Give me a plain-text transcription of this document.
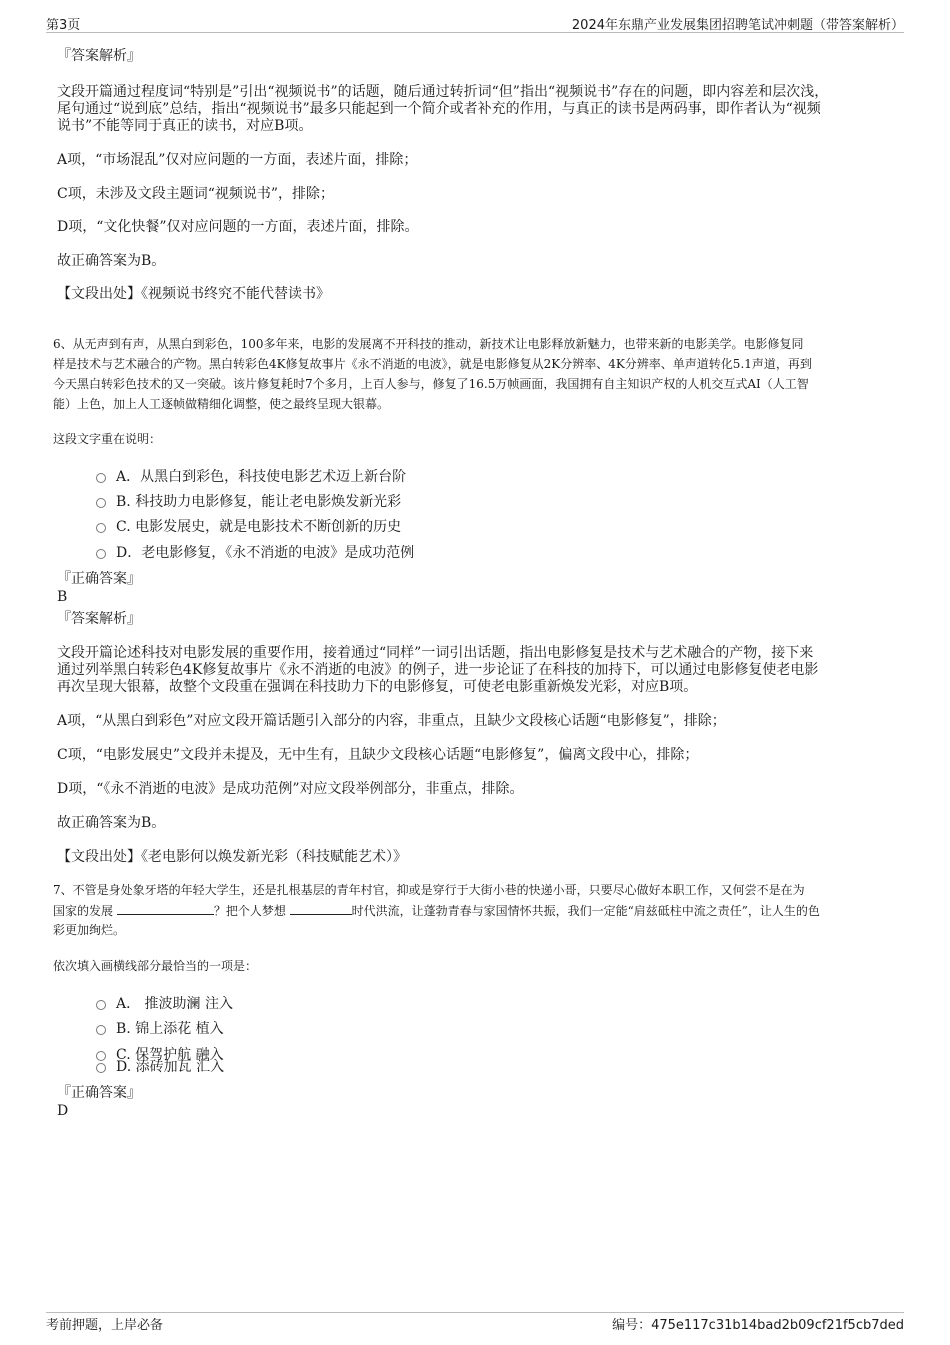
第3页	2024年东鼎产业发展集团招聘笔试冲刺题（带答案解析）
『答案解析』
文段开篇通过程度词“特别是”引出“视频说书”的话题，随后通过转折词“但”指出“视频说书”存在的问题，即内容差和层次浅，
尾句通过“说到底”总结，指出“视频说书”最多只能起到一个简介或者补充的作用，与真正的读书是两码事，即作者认为“视频
说书”不能等同于真正的读书，对应B项。
A项，“市场混乱”仅对应问题的一方面，表述片面，排除；
C项，未涉及文段主题词“视频说书”，排除；
D项，“文化快餐”仅对应问题的一方面，表述片面，排除。
故正确答案为B。
【文段出处】《视频说书终究不能代替读书》
6、从无声到有声，从黑白到彩色，100多年来，电影的发展离不开科技的推动，新技术让电影释放新魅力，也带来新的电影美学。电影修复同
样是技术与艺术融合的产物。黑白转彩色4K修复故事片《永不消逝的电波》，就是电影修复从2K分辨率、4K分辨率、单声道转化5.1声道，再到
今天黑白转彩色技术的又一突破。该片修复耗时7个多月，上百人参与，修复了16.5万帧画面，我国拥有自主知识产权的人机交互式AI（人工智
能）上色，加上人工逐帧做精细化调整，使之最终呈现大银幕。
这段文字重在说明：
A．从黑白到彩色，科技使电影艺术迈上新台阶
B. 科技助力电影修复，能让老电影焕发新光彩
C. 电影发展史，就是电影技术不断创新的历史
D．老电影修复，《永不消逝的电波》是成功范例
『正确答案』
B
『答案解析』
文段开篇论述科技对电影发展的重要作用，接着通过“同样”一词引出话题，指出电影修复是技术与艺术融合的产物，接下来
通过列举黑白转彩色4K修复故事片《永不消逝的电波》的例子，进一步论证了在科技的加持下，可以通过电影修复使老电影
再次呈现大银幕，故整个文段重在强调在科技助力下的电影修复，可使老电影重新焕发光彩，对应B项。
A项，“从黑白到彩色”对应文段开篇话题引入部分的内容，非重点，且缺少文段核心话题“电影修复”，排除；
C项，“电影发展史”文段并未提及，无中生有，且缺少文段核心话题“电影修复”，偏离文段中心，排除；
D项，“《永不消逝的电波》是成功范例”对应文段举例部分，非重点，排除。
故正确答案为B。
【文段出处】《老电影何以焕发新光彩（科技赋能艺术）》
7、不管是身处象牙塔的年轻大学生，还是扎根基层的青年村官，抑或是穿行于大街小巷的快递小哥，只要尽心做好本职工作，又何尝不是在为
国家的发展	？把个人梦想	时代洪流，让蓬勃青春与家国情怀共振，我们一定能“肩兹砥柱中流之责任”，让人生的色
彩更加绚烂。
依次填入画横线部分最恰当的一项是：
A． 推波助澜 注入
B. 锦上添花 植入
C. 保驾护航 融入
D. 添砖加瓦 汇入
『正确答案』
D
考前押题，上岸必备	编号：475e117c31b14bad2b09cf21f5cb7ded
